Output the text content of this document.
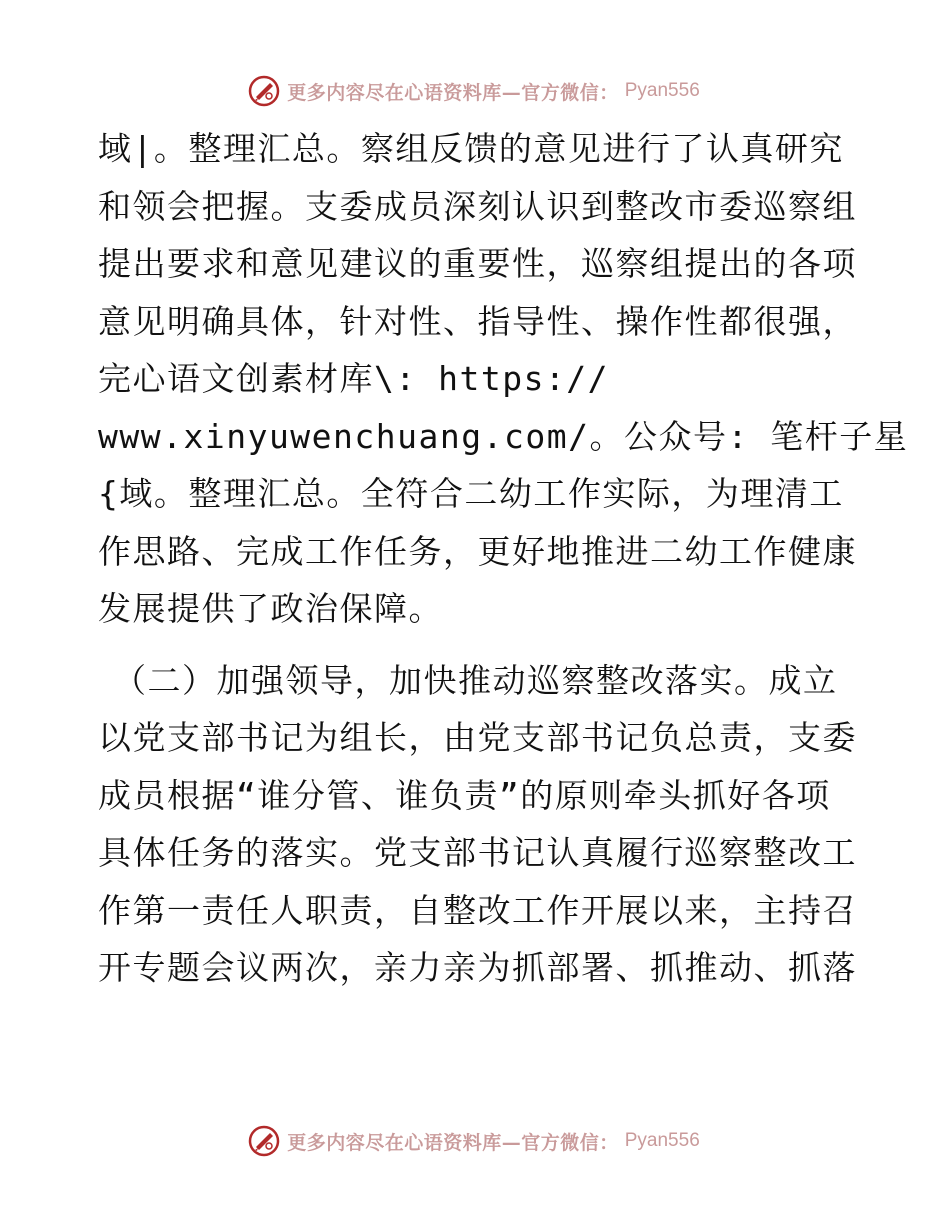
更多内容尽在心语资料库—官方微信： Pyan556
域|。整理汇总。察组反馈的意见进行了认真研究
和领会把握。支委成员深刻认识到整改市委巡察组
提出要求和意见建议的重要性，巡察组提出的各项
意见明确具体，针对性、指导性、操作性都很强，
完心语文创素材库\: https://
www.xinyuwenchuang.com/。公众号: 笔杆子星
{域。整理汇总。全符合二幼工作实际，为理清工
作思路、完成工作任务，更好地推进二幼工作健康
发展提供了政治保障。
（二）加强领导，加快推动巡察整改落实。成立
以党支部书记为组长，由党支部书记负总责，支委
成员根据“谁分管、谁负责”的原则牵头抓好各项
具体任务的落实。党支部书记认真履行巡察整改工
作第一责任人职责，自整改工作开展以来，主持召
开专题会议两次，亲力亲为抓部署、抓推动、抓落
更多内容尽在心语资料库—官方微信： Pyan556
